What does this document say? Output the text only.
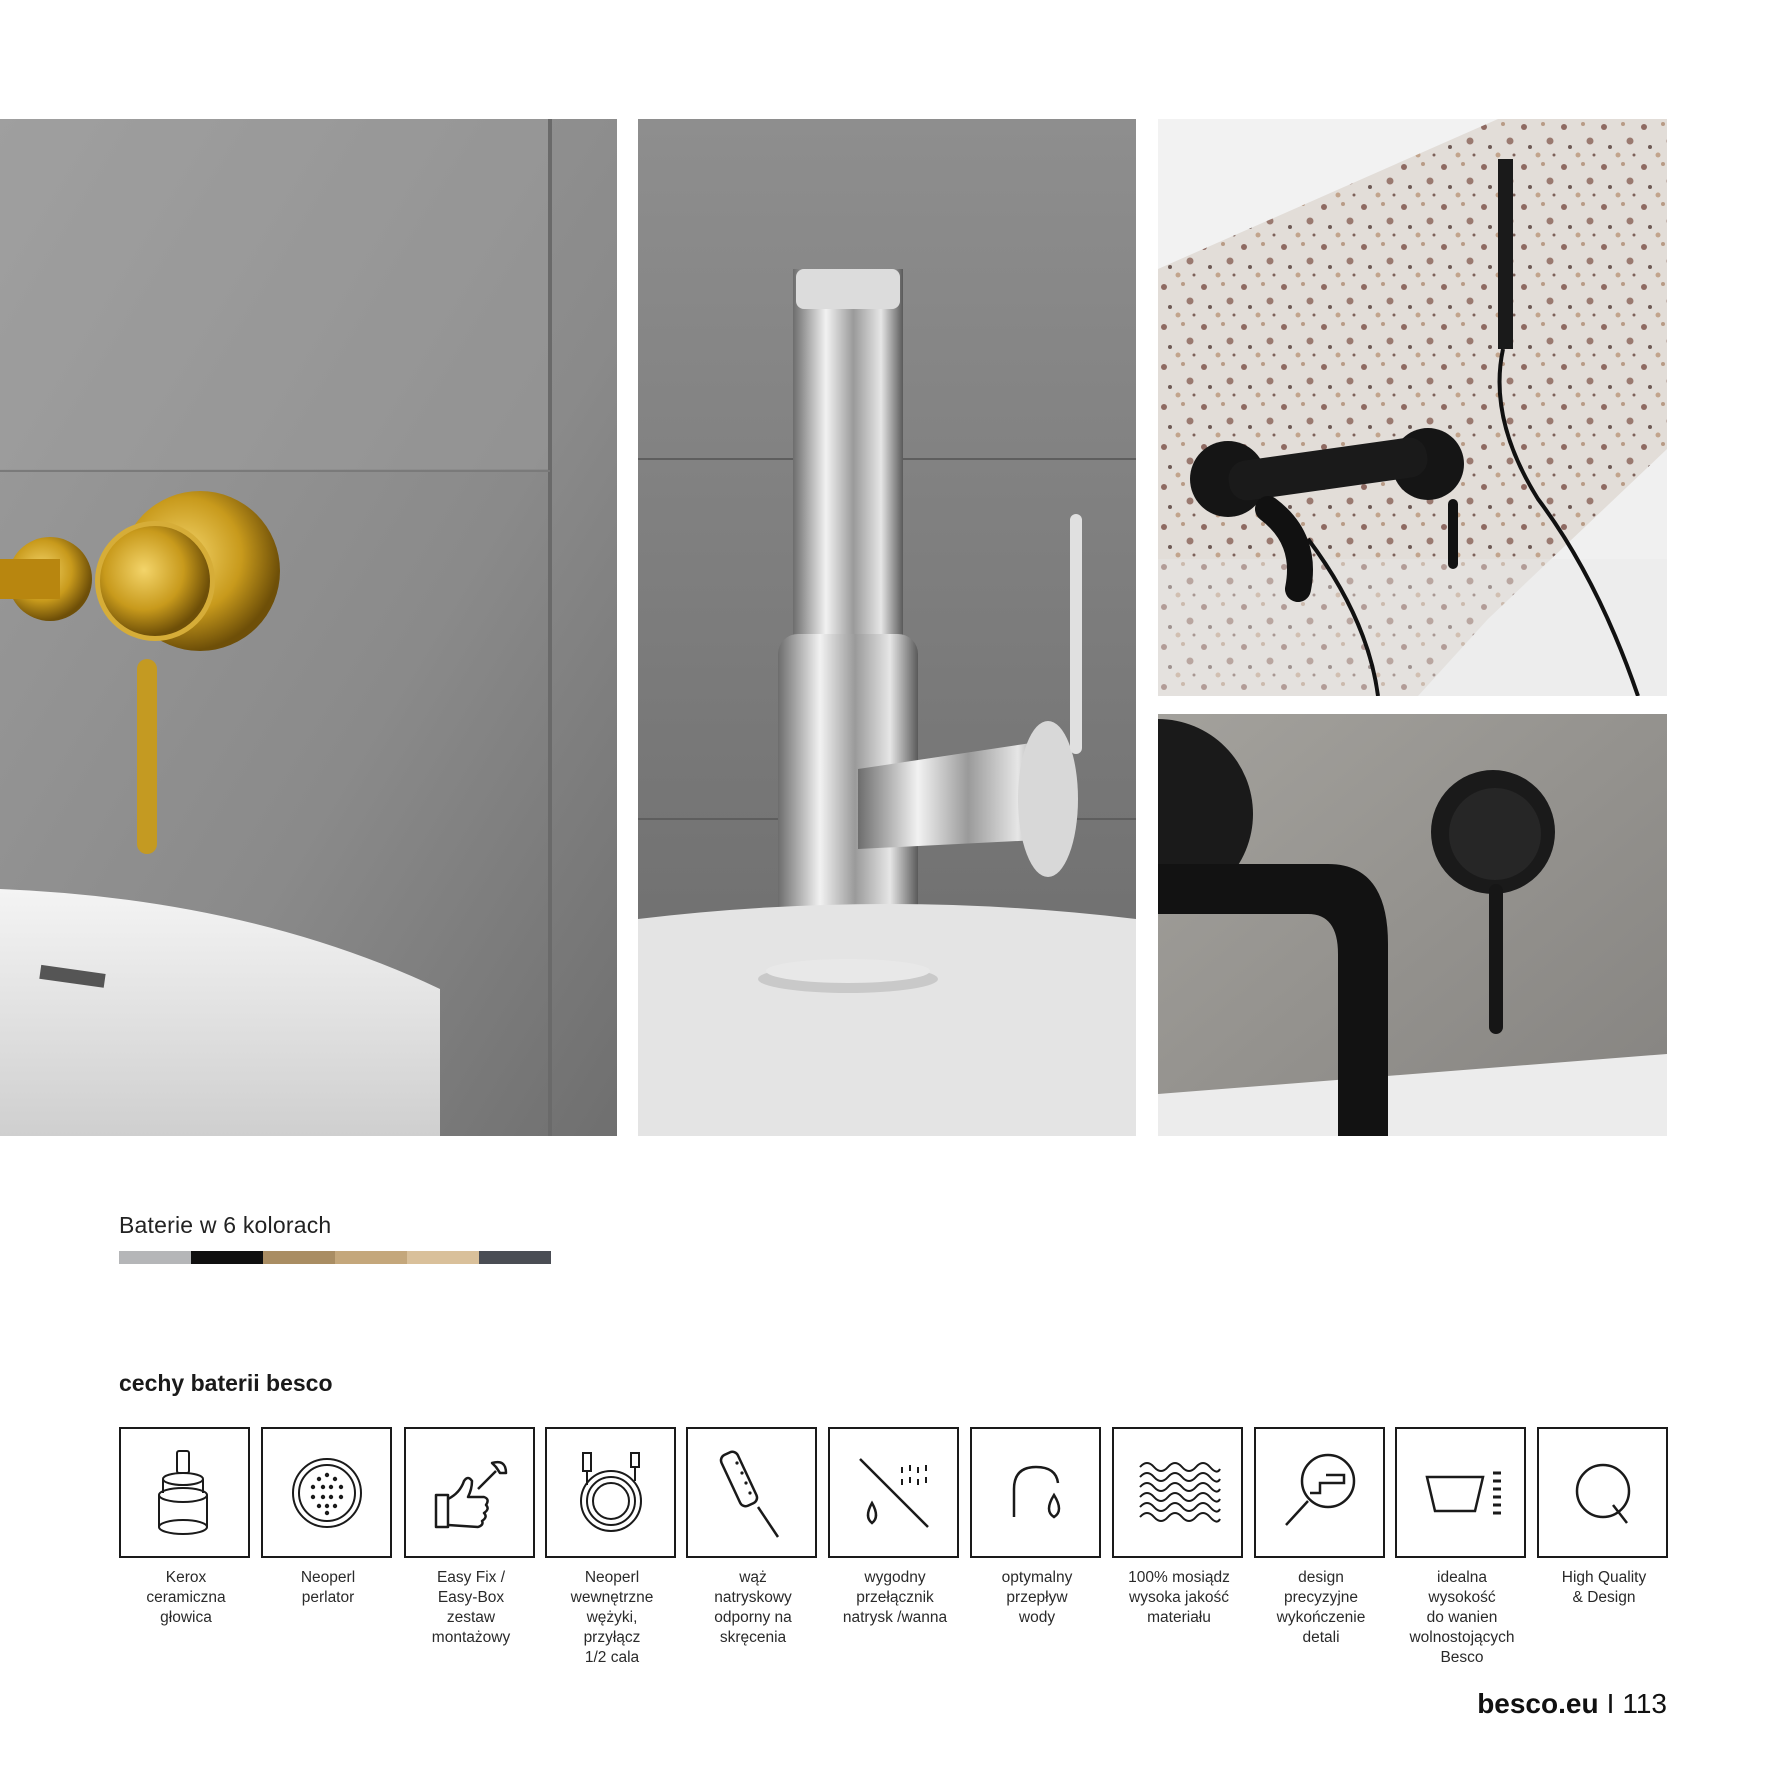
Baterie w 6 kolorach
cechy baterii besco
Kerox
ceramiczna
głowica
Neoperl
perlator
Easy Fix /
Easy-Box
zestaw
montażowy
Neoperl
wewnętrzne
wężyki,
przyłącz
1/2 cala
wąż
natryskowy
odporny na
skręcenia
wygodny
przełącznik
natrysk /wanna
optymalny
przepływ
wody
100% mosiądz
wysoka jakość
materiału
design
precyzyjne
wykończenie
detali
idealna
wysokość
do wanien
wolnostojących
Besco
High Quality
& Design
besco.eu I 113
